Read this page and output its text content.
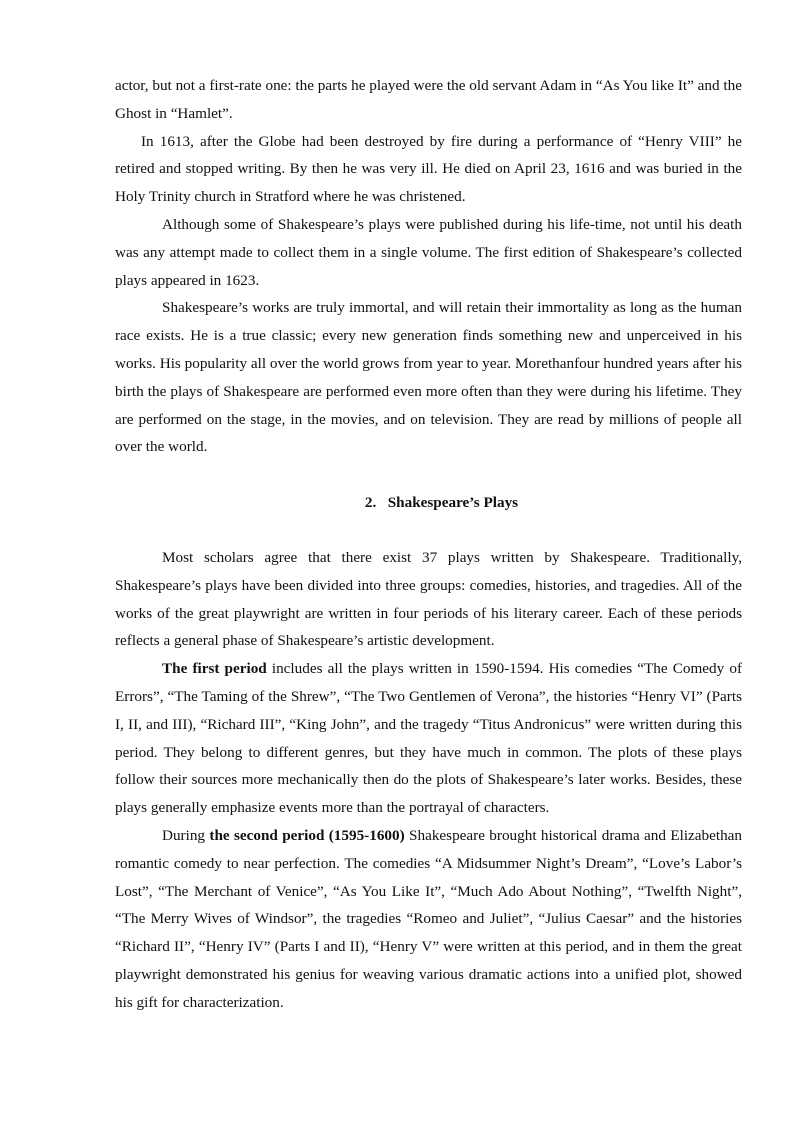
actor, but not a first-rate one: the parts he played were the old servant Adam in “As You like It” and the Ghost in “Hamlet”.

In 1613, after the Globe had been destroyed by fire during a performance of “Henry VIII” he retired and stopped writing. By then he was very ill. He died on April 23, 1616 and was buried in the Holy Trinity church in Stratford where he was christened.

Although some of Shakespeare’s plays were published during his life-time, not until his death was any attempt made to collect them in a single volume. The first edition of Shakespeare’s collected plays appeared in 1623.

Shakespeare’s works are truly immortal, and will retain their immortality as long as the human race exists. He is a true classic; every new generation finds something new and unperceived in his works. His popularity all over the world grows from year to year. Morethanfour hundred years after his birth the plays of Shakespeare are performed even more often than they were during his lifetime. They are performed on the stage, in the movies, and on television. They are read by millions of people all over the world.

2. Shakespeare’s Plays

Most scholars agree that there exist 37 plays written by Shakespeare. Traditionally, Shakespeare’s plays have been divided into three groups: comedies, histories, and tragedies. All of the works of the great playwright are written in four periods of his literary career. Each of these periods reflects a general phase of Shakespeare’s artistic development.

The first period includes all the plays written in 1590-1594. His comedies “The Comedy of Errors”, “The Taming of the Shrew”, “The Two Gentlemen of Verona”, the histories “Henry VI” (Parts I, II, and III), “Richard III”, “King John”, and the tragedy “Titus Andronicus” were written during this period. They belong to different genres, but they have much in common. The plots of these plays follow their sources more mechanically then do the plots of Shakespeare’s later works. Besides, these plays generally emphasize events more than the portrayal of characters.

During the second period (1595-1600) Shakespeare brought historical drama and Elizabethan romantic comedy to near perfection. The comedies “A Midsummer Night’s Dream”, “Love’s Labor’s Lost”, “The Merchant of Venice”, “As You Like It”, “Much Ado About Nothing”, “Twelfth Night”, “The Merry Wives of Windsor”, the tragedies “Romeo and Juliet”, “Julius Caesar” and the histories “Richard II”, “Henry IV” (Parts I and II), “Henry V” were written at this period, and in them the great playwright demonstrated his genius for weaving various dramatic actions into a unified plot, showed his gift for characterization.
